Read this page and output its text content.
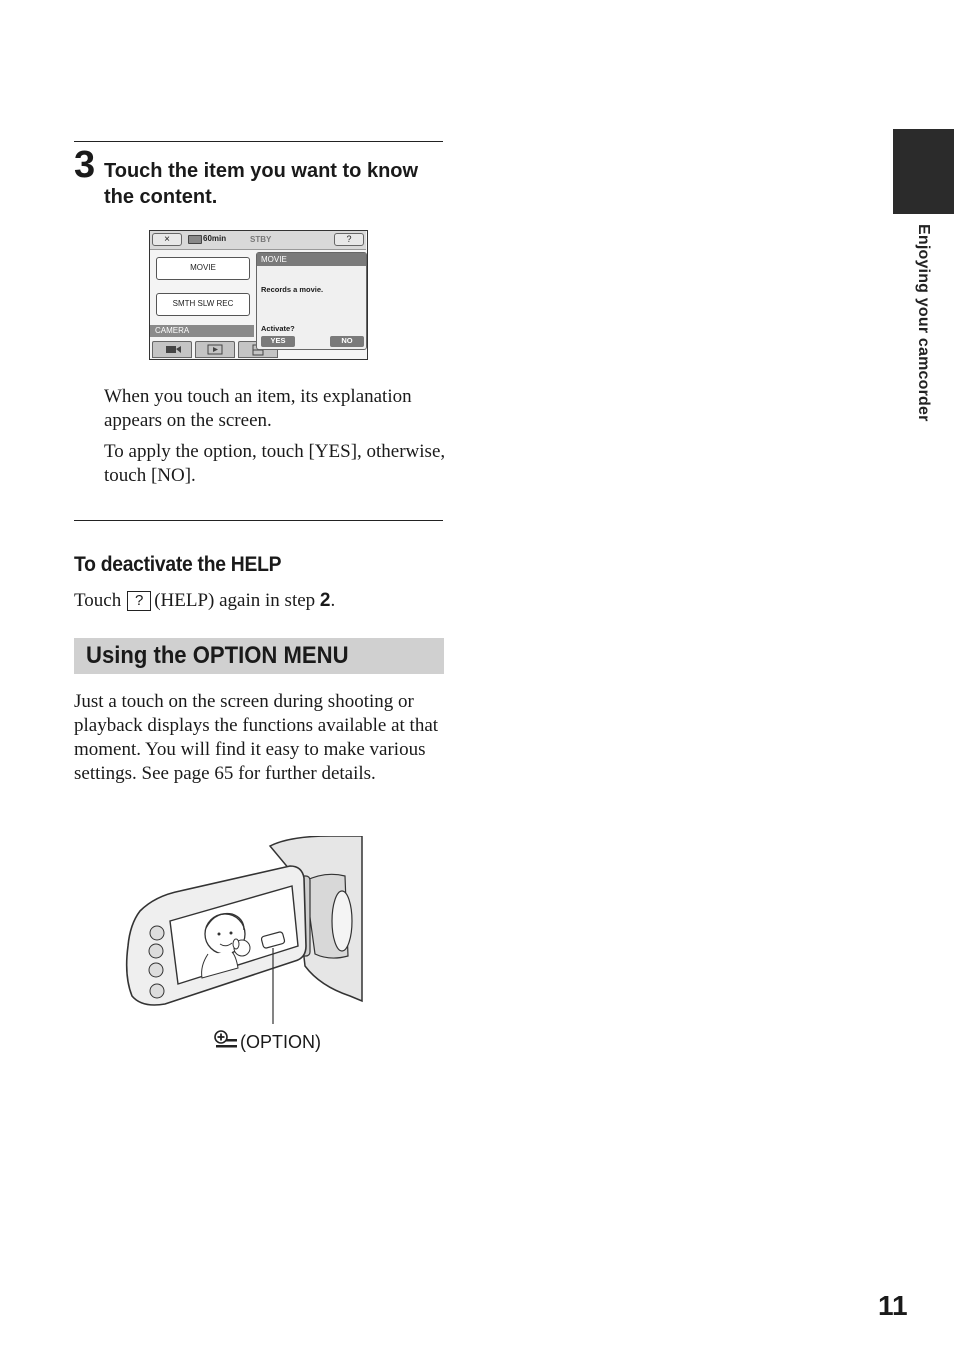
Enjoying your camcorder
3 Touch the item you want to know the content.
×	60min	STBY	?
MOVIE
SMTH SLW REC
CAMERA
MOVIE
Records a movie.
Activate?
YES	NO
When you touch an item, its explanation appears on the screen.
To apply the option, touch [YES], otherwise, touch [NO].
To deactivate the HELP
Touch ? (HELP) again in step 2.
Using the OPTION MENU
Just a touch on the screen during shooting or playback displays the functions available at that moment. You will find it easy to make various settings. See page 65 for further details.
(OPTION)
11
